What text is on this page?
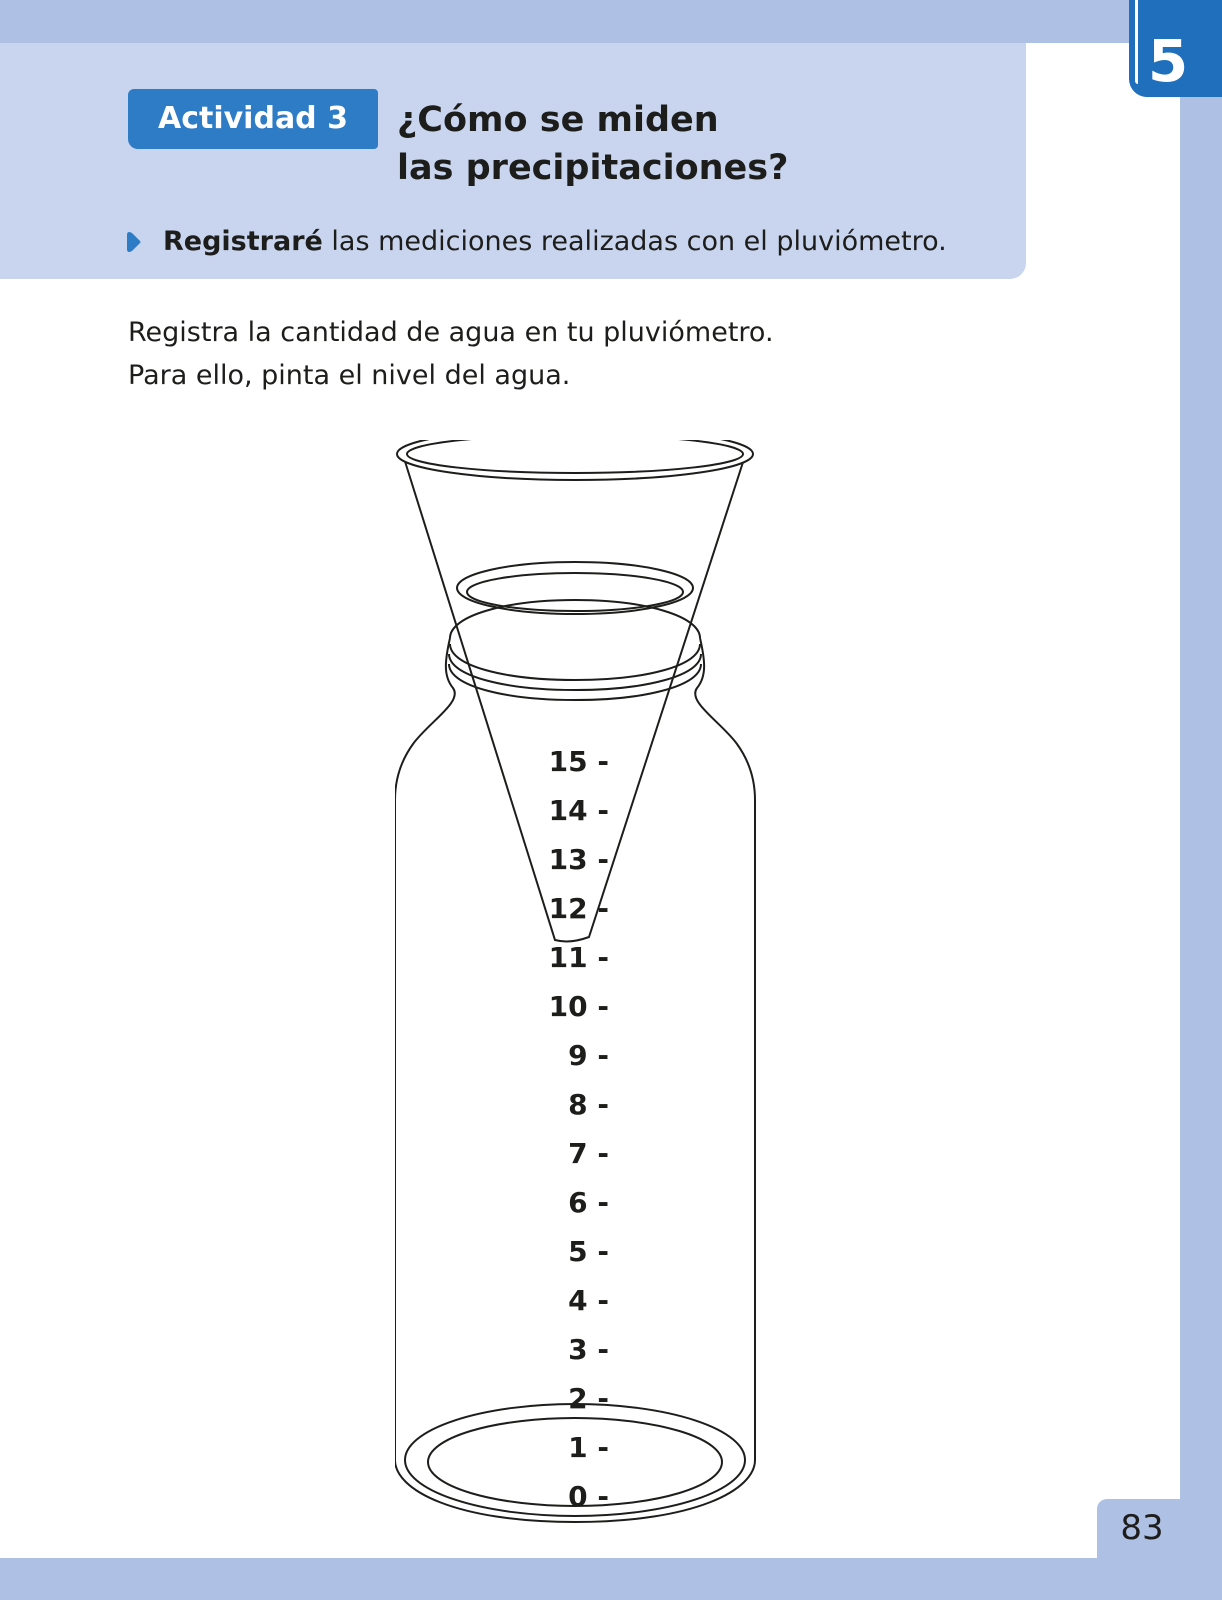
5
Actividad 3	¿Cómo se miden
las precipitaciones?
Registraré las mediciones realizadas con el pluviómetro.
Registra la cantidad de agua en tu pluviómetro.
Para ello, pinta el nivel del agua.
15 -
14 -
13 -
12 -
11 -
10 -
9 -
8 -
7 -
6 -
5 -
4 -
3 -
2 -
1 -
0 -
83
